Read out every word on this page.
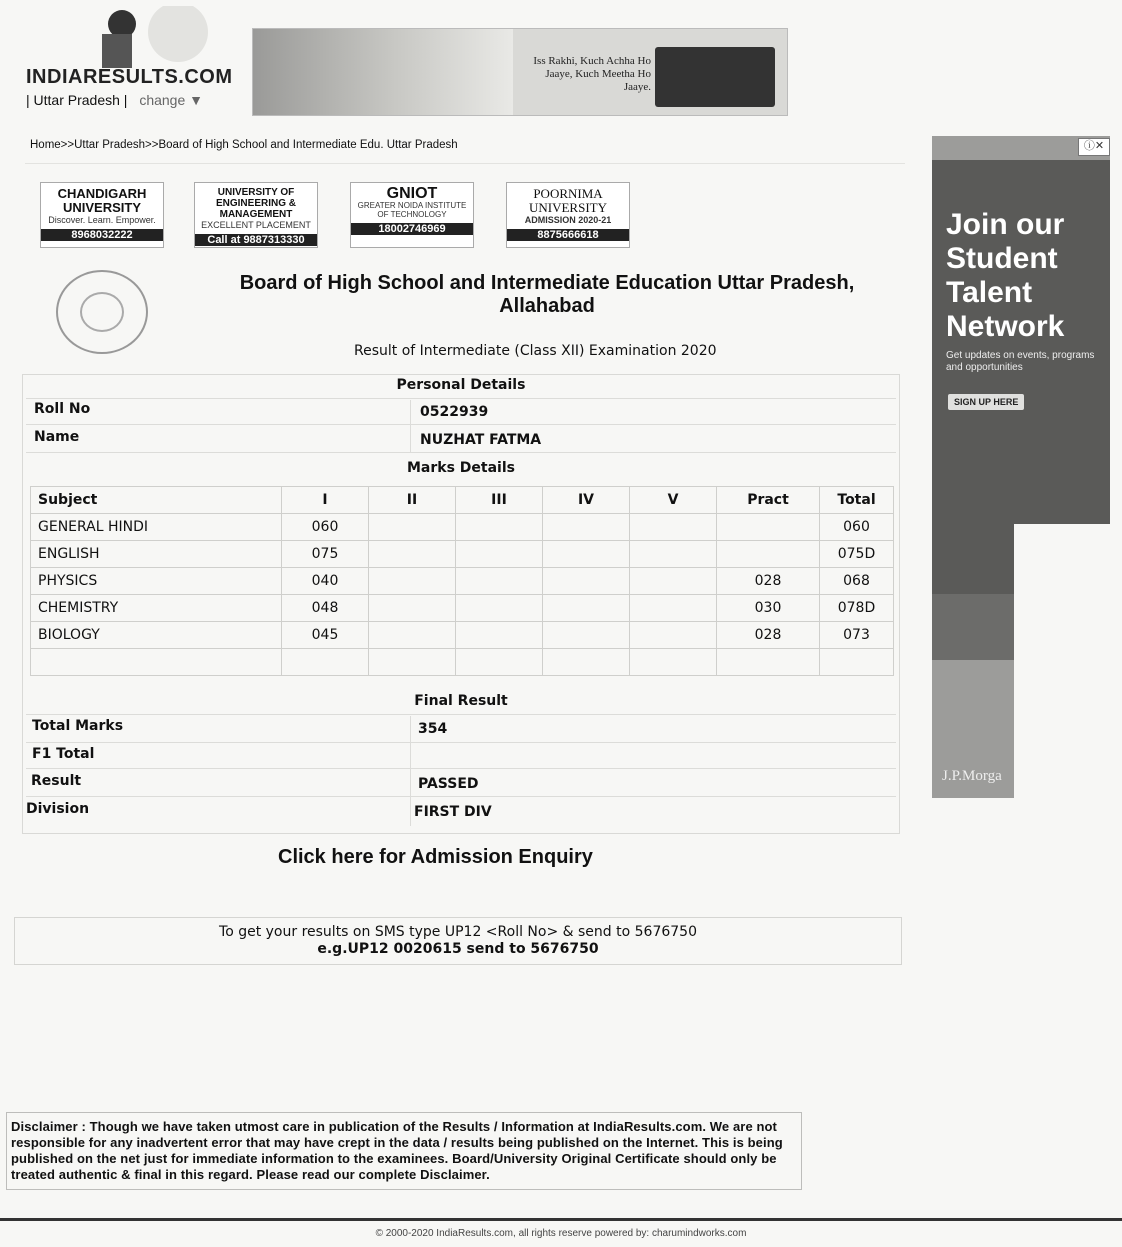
INDIARESULTS.COM
| Uttar Pradesh | change ▼
Iss Rakhi, Kuch Achha Ho Jaaye, Kuch Meetha Ho Jaaye.
Home>>Uttar Pradesh>>Board of High School and Intermediate Edu. Uttar Pradesh
CHANDIGARH UNIVERSITY
Discover. Learn. Empower.
8968032222
UNIVERSITY OF ENGINEERING & MANAGEMENT
EXCELLENT PLACEMENT
Call at 9887313330
GNIOT
GREATER NOIDA INSTITUTE OF TECHNOLOGY
18002746969
POORNIMA UNIVERSITY
ADMISSION 2020-21
8875666618
ⓘ✕
Join our Student Talent Network
Get updates on events, programs and opportunities
SIGN UP HERE
J.P.Morga
Board of High School and Intermediate Education Uttar Pradesh,
Allahabad
Result of Intermediate (Class XII) Examination 2020
Personal Details
Roll No	0522939
Name	NUZHAT FATMA
Marks Details
Subject	I	II	III	IV	V	Pract	Total
GENERAL HINDI	060						060
ENGLISH	075						075D
PHYSICS	040					028	068
CHEMISTRY	048					030	078D
BIOLOGY	045					028	073

Final Result
Total Marks	354
F1 Total
Result	PASSED
Division	FIRST DIV
Click here for Admission Enquiry
To get your results on SMS type UP12 <Roll No> & send to 5676750
e.g.UP12 0020615 send to 5676750
Disclaimer : Though we have taken utmost care in publication of the Results / Information at IndiaResults.com. We are not responsible for any inadvertent error that may have crept in the data / results being published on the Internet. This is being published on the net just for immediate information to the examinees. Board/University Original Certificate should only be treated authentic & final in this regard. Please read our complete Disclaimer.
© 2000-2020 IndiaResults.com, all rights reserve powered by: charumindworks.com
